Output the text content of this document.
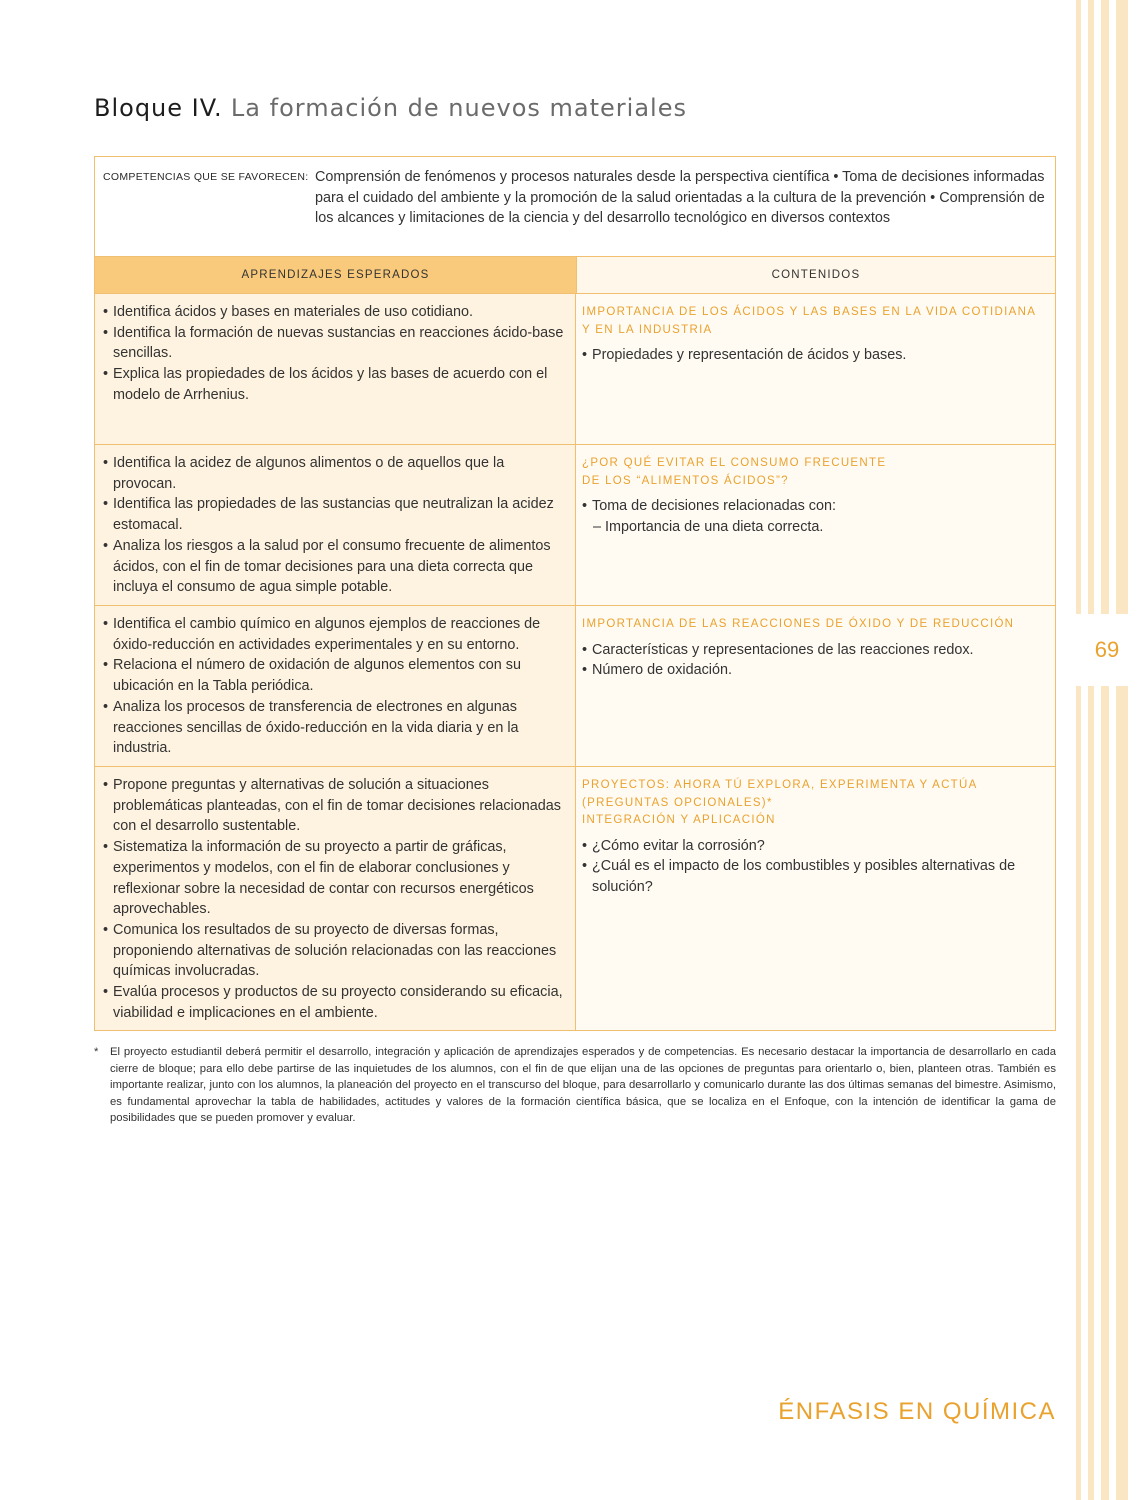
69
Bloque IV. La formación de nuevos materiales
COMPETENCIAS QUE SE FAVORECEN: Comprensión de fenómenos y procesos naturales desde la perspectiva científica • Toma de decisiones informadas para el cuidado del ambiente y la promoción de la salud orientadas a la cultura de la prevención • Comprensión de los alcances y limitaciones de la ciencia y del desarrollo tecnológico en diversos contextos
APRENDIZAJES ESPERADOS	CONTENIDOS
• Identifica ácidos y bases en materiales de uso cotidiano.
• Identifica la formación de nuevas sustancias en reacciones ácido-base sencillas.
• Explica las propiedades de los ácidos y las bases de acuerdo con el modelo de Arrhenius.
IMPORTANCIA DE LOS ÁCIDOS Y LAS BASES EN LA VIDA COTIDIANA
Y EN LA INDUSTRIA
• Propiedades y representación de ácidos y bases.
• Identifica la acidez de algunos alimentos o de aquellos que la provocan.
• Identifica las propiedades de las sustancias que neutralizan la acidez estomacal.
• Analiza los riesgos a la salud por el consumo frecuente de alimentos ácidos, con el fin de tomar decisiones para una dieta correcta que incluya el consumo de agua simple potable.
¿POR QUÉ EVITAR EL CONSUMO FRECUENTE
DE LOS “ALIMENTOS ÁCIDOS”?
• Toma de decisiones relacionadas con:
– Importancia de una dieta correcta.
• Identifica el cambio químico en algunos ejemplos de reacciones de óxido-reducción en actividades experimentales y en su entorno.
• Relaciona el número de oxidación de algunos elementos con su ubicación en la Tabla periódica.
• Analiza los procesos de transferencia de electrones en algunas reacciones sencillas de óxido-reducción en la vida diaria y en la industria.
IMPORTANCIA DE LAS REACCIONES DE ÓXIDO Y DE REDUCCIÓN
• Características y representaciones de las reacciones redox.
• Número de oxidación.
• Propone preguntas y alternativas de solución a situaciones problemáticas planteadas, con el fin de tomar decisiones relacionadas con el desarrollo sustentable.
• Sistematiza la información de su proyecto a partir de gráficas, experimentos y modelos, con el fin de elaborar conclusiones y reflexionar sobre la necesidad de contar con recursos energéticos aprovechables.
• Comunica los resultados de su proyecto de diversas formas, proponiendo alternativas de solución relacionadas con las reacciones químicas involucradas.
• Evalúa procesos y productos de su proyecto considerando su eficacia, viabilidad e implicaciones en el ambiente.
PROYECTOS: AHORA TÚ EXPLORA, EXPERIMENTA Y ACTÚA
(PREGUNTAS OPCIONALES)*
INTEGRACIÓN Y APLICACIÓN
• ¿Cómo evitar la corrosión?
• ¿Cuál es el impacto de los combustibles y posibles alternativas de solución?
*	El proyecto estudiantil deberá permitir el desarrollo, integración y aplicación de aprendizajes esperados y de competencias. Es necesario destacar la importancia de desarrollarlo en cada cierre de bloque; para ello debe partirse de las inquietudes de los alumnos, con el fin de que elijan una de las opciones de preguntas para orientarlo o, bien, planteen otras. También es importante realizar, junto con los alumnos, la planeación del proyecto en el transcurso del bloque, para desarrollarlo y comunicarlo durante las dos últimas semanas del bimestre. Asimismo, es fundamental aprovechar la tabla de habilidades, actitudes y valores de la formación científica básica, que se localiza en el Enfoque, con la intención de identificar la gama de posibilidades que se pueden promover y evaluar.
ÉNFASIS EN QUÍMICA
